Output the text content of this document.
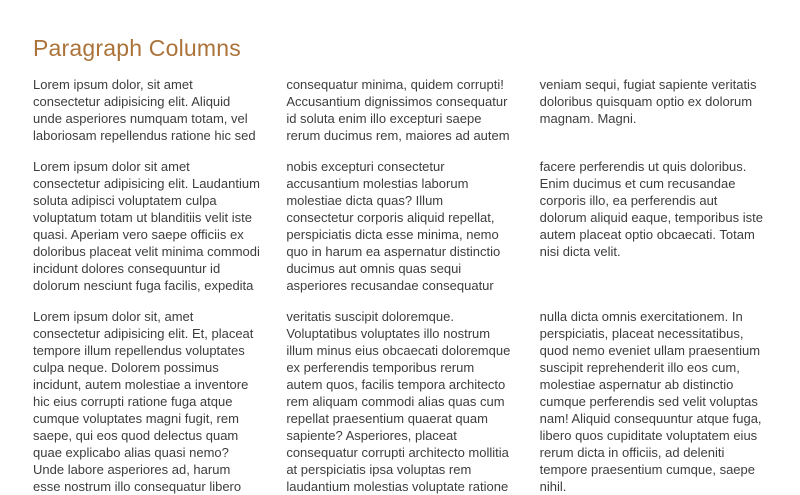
Paragraph Columns

Lorem ipsum dolor, sit amet consectetur adipisicing elit. Aliquid unde asperiores numquam totam, vel laboriosam repellendus ratione hic sed consequatur minima, quidem corrupti! Accusantium dignissimos consequatur id soluta enim illo excepturi saepe rerum ducimus rem, maiores ad autem veniam sequi, fugiat sapiente veritatis doloribus quisquam optio ex dolorum magnam. Magni.

Lorem ipsum dolor sit amet consectetur adipisicing elit. Laudantium soluta adipisci voluptatem culpa voluptatum totam ut blanditiis velit iste quasi. Aperiam vero saepe officiis ex doloribus placeat velit minima commodi incidunt dolores consequuntur id dolorum nesciunt fuga facilis, expedita nobis excepturi consectetur accusantium molestias laborum molestiae dicta quas? Illum consectetur corporis aliquid repellat, perspiciatis dicta esse minima, nemo quo in harum ea aspernatur distinctio ducimus aut omnis quas sequi asperiores recusandae consequatur facere perferendis ut quis doloribus. Enim ducimus et cum recusandae corporis illo, ea perferendis aut dolorum aliquid eaque, temporibus iste autem placeat optio obcaecati. Totam nisi dicta velit.

Lorem ipsum dolor sit, amet consectetur adipisicing elit. Et, placeat tempore illum repellendus voluptates culpa neque. Dolorem possimus incidunt, autem molestiae a inventore hic eius corrupti ratione fuga atque cumque voluptates magni fugit, rem saepe, qui eos quod delectus quam quae explicabo alias quasi nemo? Unde labore asperiores ad, harum esse nostrum illo consequatur libero veritatis suscipit doloremque. Voluptatibus voluptates illo nostrum illum minus eius obcaecati doloremque ex perferendis temporibus rerum autem quos, facilis tempora architecto rem aliquam commodi alias quas cum repellat praesentium quaerat quam sapiente? Asperiores, placeat consequatur corrupti architecto mollitia at perspiciatis ipsa voluptas rem laudantium molestias voluptate ratione nulla dicta omnis exercitationem. In perspiciatis, placeat necessitatibus, quod nemo eveniet ullam praesentium suscipit reprehenderit illo eos cum, molestiae aspernatur ab distinctio cumque perferendis sed velit voluptas nam! Aliquid consequuntur atque fuga, libero quos cupiditate voluptatem eius rerum dicta in officiis, ad deleniti tempore praesentium cumque, saepe nihil.
